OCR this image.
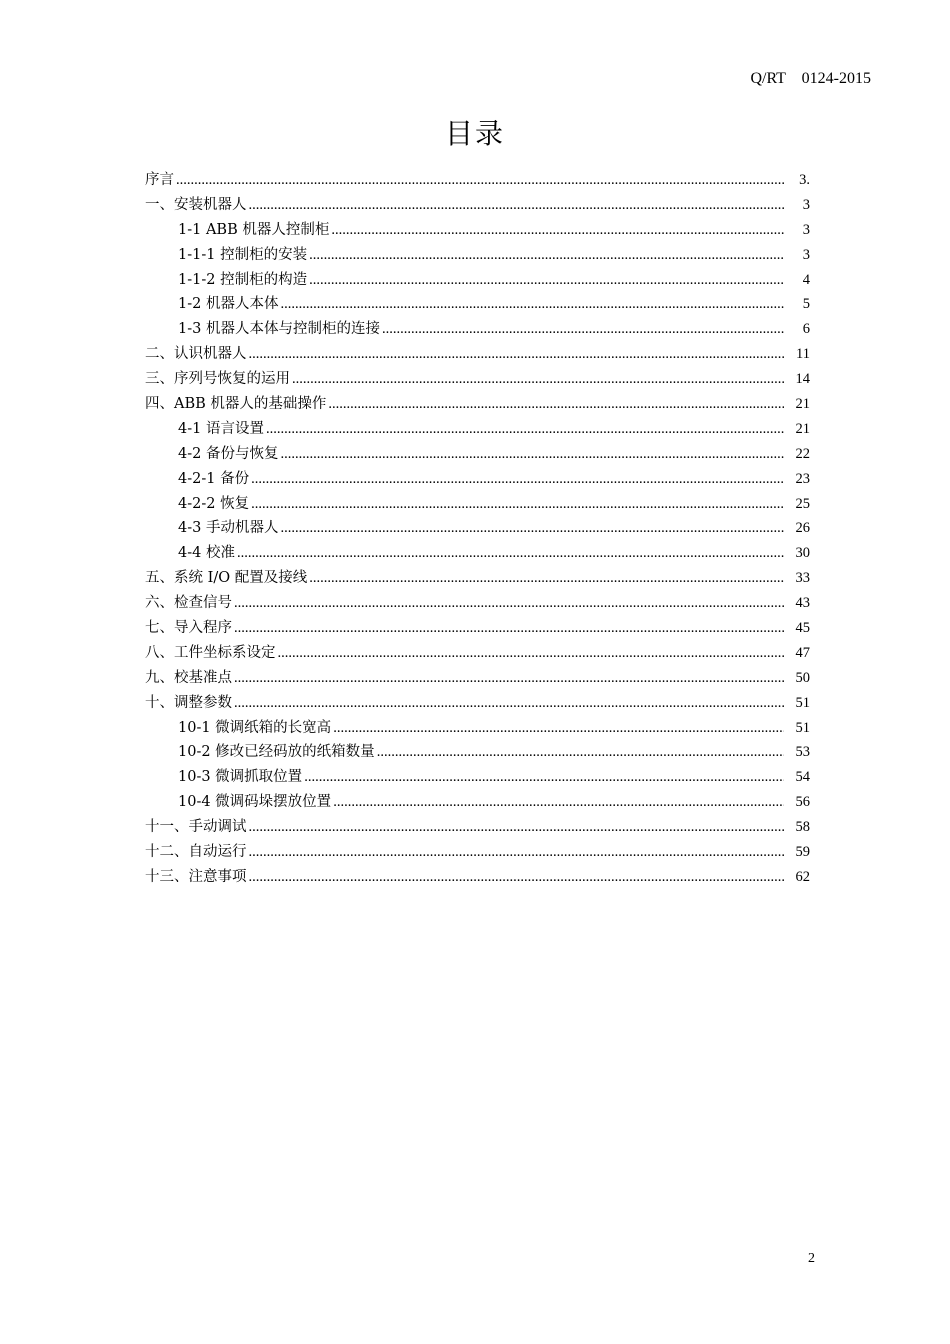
Q/RT    0124-2015
目录
序言 .....	3.
一、安装机器人 .....	3
1-1 ABB 机器人控制柜 .....	3
1-1-1 控制柜的安装 .....	3
1-1-2 控制柜的构造 .....	4
1-2 机器人本体 .....	5
1-3 机器人本体与控制柜的连接 .....	6
二、认识机器人 .....	11
三、序列号恢复的运用 .....	14
四、ABB 机器人的基础操作 .....	21
4-1 语言设置 .....	21
4-2 备份与恢复 .....	22
4-2-1 备份 .....	23
4-2-2 恢复 .....	25
4-3 手动机器人 .....	26
4-4 校准 .....	30
五、系统 I/O 配置及接线 .....	33
六、检查信号 .....	43
七、导入程序 .....	45
八、工件坐标系设定 .....	47
九、校基准点 .....	50
十、调整参数 .....	51
10-1 微调纸箱的长宽高 .....	51
10-2 修改已经码放的纸箱数量 .....	53
10-3 微调抓取位置 .....	54
10-4 微调码垛摆放位置 .....	56
十一、手动调试 .....	58
十二、自动运行 .....	59
十三、注意事项 .....	62
2
